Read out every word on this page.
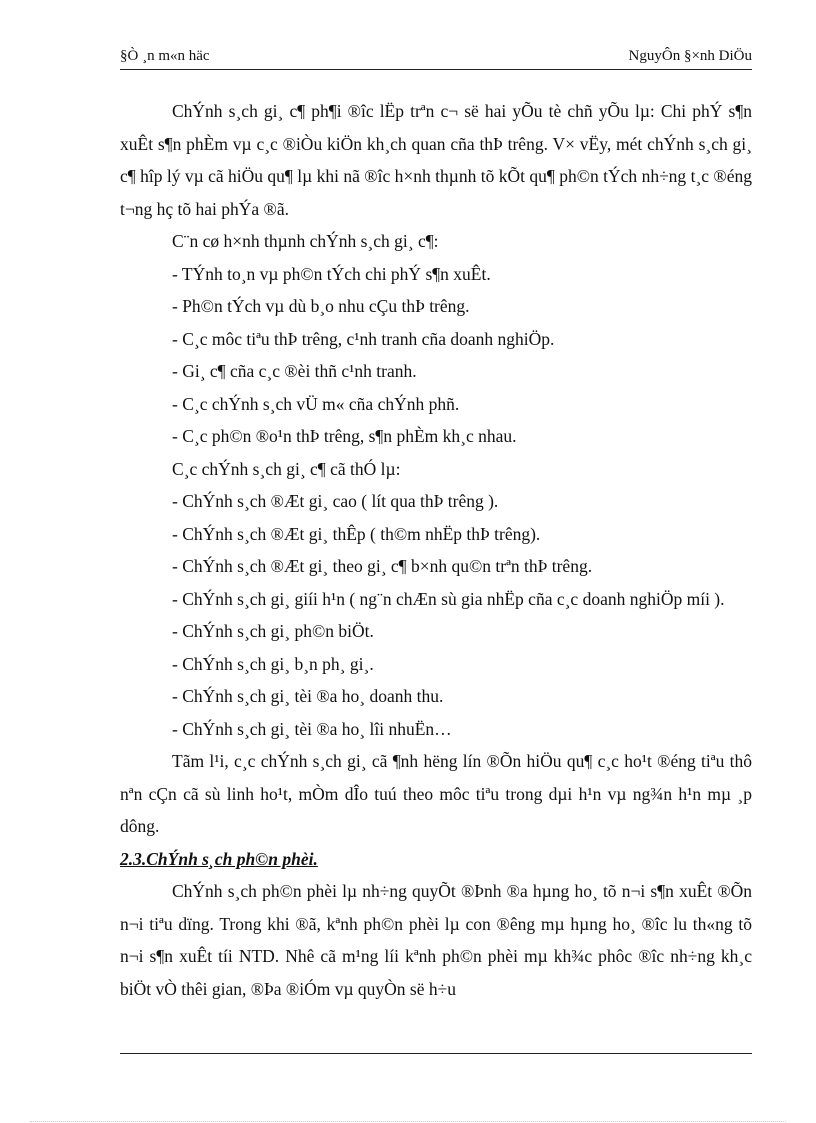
§Ò ¸n m«n häc	NguyÔn §×nh DiÖu

ChÝnh s¸ch gi¸ c¶ ph¶i ®îc lËp trªn c¬ së hai yÕu tè chñ yÕu lµ: Chi phÝ s¶n xuÊt s¶n phÈm vµ c¸c ®iÒu kiÖn kh¸ch quan cña thÞ trêng. V× vËy, mét chÝnh s¸ch gi¸ c¶ hîp lý vµ cã hiÖu qu¶ lµ khi nã ®îc h×nh thµnh tõ kÕt qu¶ ph©n tÝch nh÷ng t¸c ®éng t¬ng hç tõ hai phÝa ®ã.

C¨n cø h×nh thµnh chÝnh s¸ch gi¸ c¶:

- TÝnh to¸n vµ ph©n tÝch chi phÝ s¶n xuÊt.

- Ph©n tÝch vµ dù b¸o nhu cÇu thÞ trêng.

- C¸c môc tiªu thÞ trêng, c¹nh tranh cña doanh nghiÖp.

- Gi¸ c¶ cña c¸c ®èi thñ c¹nh tranh.

- C¸c chÝnh s¸ch vÜ m« cña chÝnh phñ.

- C¸c ph©n ®o¹n thÞ trêng, s¶n phÈm kh¸c nhau.

C¸c chÝnh s¸ch gi¸ c¶ cã thÓ lµ:

- ChÝnh s¸ch ®Æt gi¸ cao ( lít qua thÞ trêng ).

- ChÝnh s¸ch ®Æt gi¸ thÊp ( th©m nhËp thÞ trêng).

- ChÝnh s¸ch ®Æt gi¸ theo gi¸ c¶ b×nh qu©n trªn thÞ trêng.

- ChÝnh s¸ch gi¸ giíi h¹n ( ng¨n chÆn sù gia nhËp cña c¸c doanh nghiÖp míi ).

- ChÝnh s¸ch gi¸ ph©n biÖt.

- ChÝnh s¸ch gi¸ b¸n ph¸ gi¸.

- ChÝnh s¸ch gi¸ tèi ®a ho¸ doanh thu.

- ChÝnh s¸ch gi¸ tèi ®a ho¸ lîi nhuËn…

Tãm l¹i, c¸c chÝnh s¸ch gi¸ cã ¶nh hëng lín ®Õn hiÖu qu¶ c¸c ho¹t ®éng tiªu thô nªn cÇn cã sù linh ho¹t, mÒm dÎo tuú theo môc tiªu trong dµi h¹n vµ ng¾n h¹n mµ ¸p dông.

2.3.ChÝnh s¸ch ph©n phèi.

ChÝnh s¸ch ph©n phèi lµ nh÷ng quyÕt ®Þnh ®a hµng ho¸ tõ n¬i s¶n xuÊt ®Õn n¬i tiªu dïng. Trong khi ®ã, kªnh ph©n phèi lµ con ®êng mµ hµng ho¸ ®îc lu th«ng tõ n¬i s¶n xuÊt tíi NTD. Nhê cã m¹ng líi kªnh ph©n phèi mµ kh¾c phôc ®îc nh÷ng kh¸c biÖt vÒ thêi gian, ®Þa ®iÓm vµ quyÒn së h÷u
